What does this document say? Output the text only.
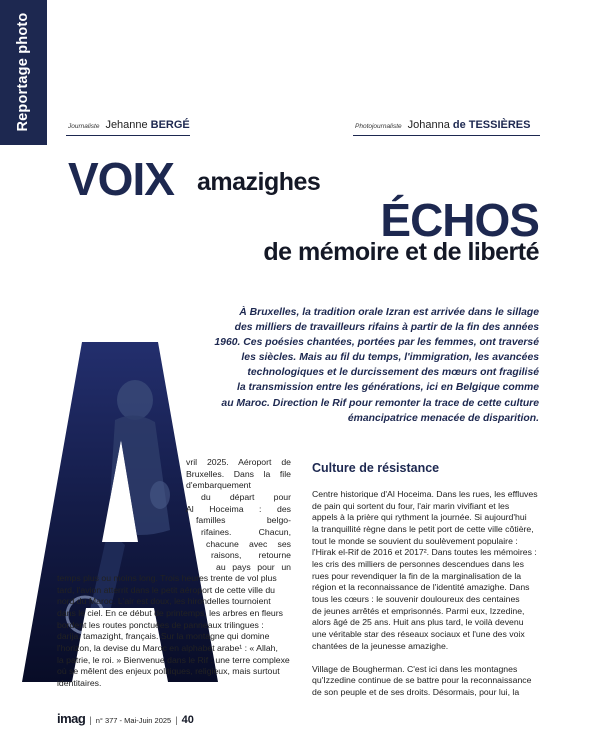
Reportage photo	Journaliste Jehanne BERGÉ	Photojournaliste Johanna de TESSIÈRES
VOIX amazighes
ÉCHOS
de mémoire et de liberté
À Bruxelles, la tradition orale Izran est arrivée dans le sillage
des milliers de travailleurs rifains à partir de la fin des années
1960. Ces poésies chantées, portées par les femmes, ont traversé
les siècles. Mais au fil du temps, l'immigration, les avancées
technologiques et le durcissement des mœurs ont fragilisé
la transmission entre les générations, ici en Belgique comme
au Maroc. Direction le Rif pour remonter la trace de cette culture
émancipatrice menacée de disparition.
vril 2025. Aéroport de
Bruxelles. Dans la file
d'embarquement
du départ pour
Al Hoceima : des
familles belgo-
rifaines. Chacun,
chacune avec ses
raisons, retourne
au pays pour un
temps plus ou moins long. Trois heures trente de vol plus
tard, l'avion atterrit dans le petit aéroport de cette ville du
nord du Maroc. L'air est doux, les hirondelles tournoient
dans le ciel. En ce début de printemps, les arbres en fleurs
bordent les routes ponctuées de panneaux trilingues :
darija, tamazight, français. Sur la montagne qui domine
l'horizon, la devise du Maroc en alphabet arabe¹ : « Allah,
la patrie, le roi. » Bienvenue dans le Rif : une terre complexe
où se mêlent des enjeux politiques, religieux, mais surtout
identitaires.
Culture de résistance
Centre historique d'Al Hoceima. Dans les rues, les effluves
de pain qui sortent du four, l'air marin vivifiant et les
appels à la prière qui rythment la journée. Si aujourd'hui
la tranquillité règne dans le petit port de cette ville côtière,
tout le monde se souvient du soulèvement populaire :
l'Hirak el-Rif de 2016 et 2017². Dans toutes les mémoires :
les cris des milliers de personnes descendues dans les
rues pour revendiquer la fin de la marginalisation de la
région et la reconnaissance de l'identité amazighe. Dans
tous les cœurs : le souvenir douloureux des centaines
de jeunes arrêtés et emprisonnés. Parmi eux, Izzedine,
alors âgé de 25 ans. Huit ans plus tard, le voilà devenu
une véritable star des réseaux sociaux et l'une des voix
chantées de la jeunesse amazighe.
Village de Bougherman. C'est ici dans les montagnes
qu'Izzedine continue de se battre pour la reconnaissance
de son peuple et de ses droits. Désormais, pour lui, la
imag | n° 377 - Mai-Juin 2025 | 40
